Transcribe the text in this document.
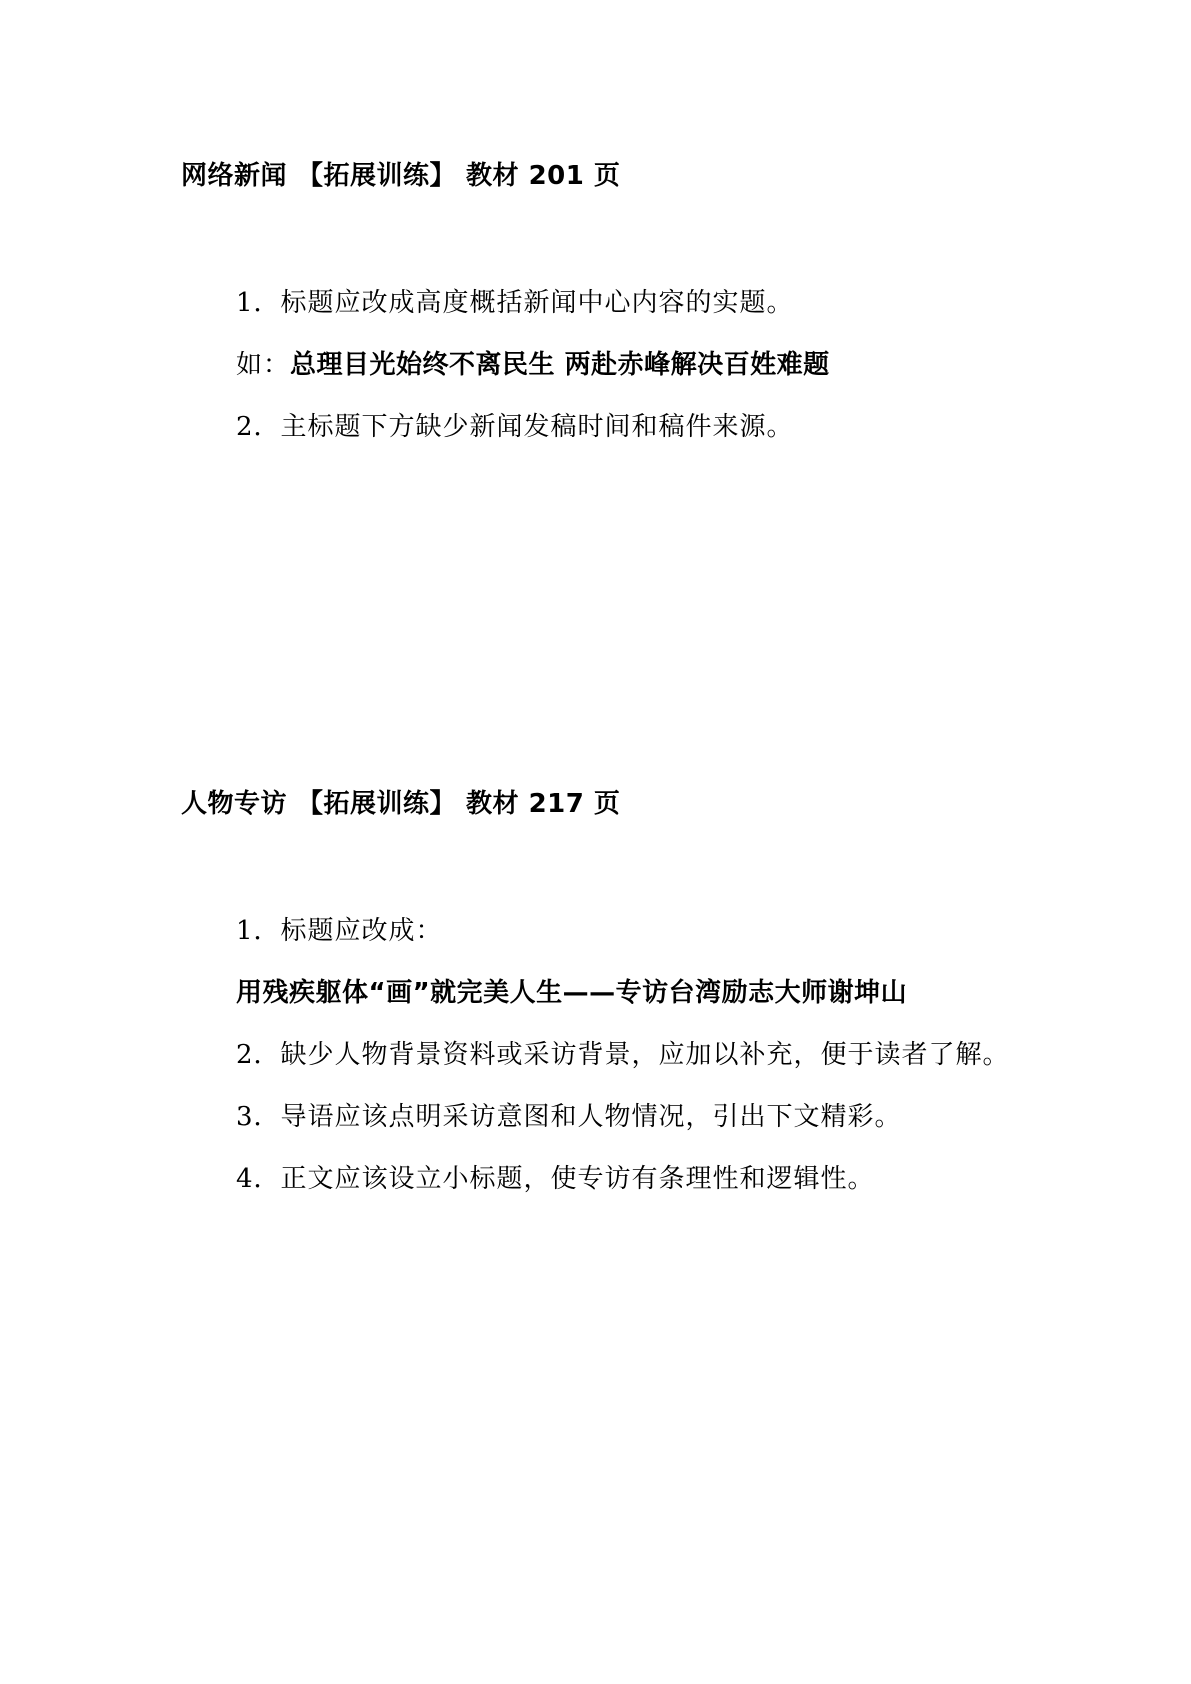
网络新闻 【拓展训练】 教材 201 页
1．标题应改成高度概括新闻中心内容的实题。
如：总理目光始终不离民生 两赴赤峰解决百姓难题
2．主标题下方缺少新闻发稿时间和稿件来源。
人物专访 【拓展训练】 教材 217 页
1．标题应改成：
用残疾躯体“画”就完美人生——专访台湾励志大师谢坤山
2．缺少人物背景资料或采访背景，应加以补充，便于读者了解。
3．导语应该点明采访意图和人物情况，引出下文精彩。
4．正文应该设立小标题，使专访有条理性和逻辑性。
